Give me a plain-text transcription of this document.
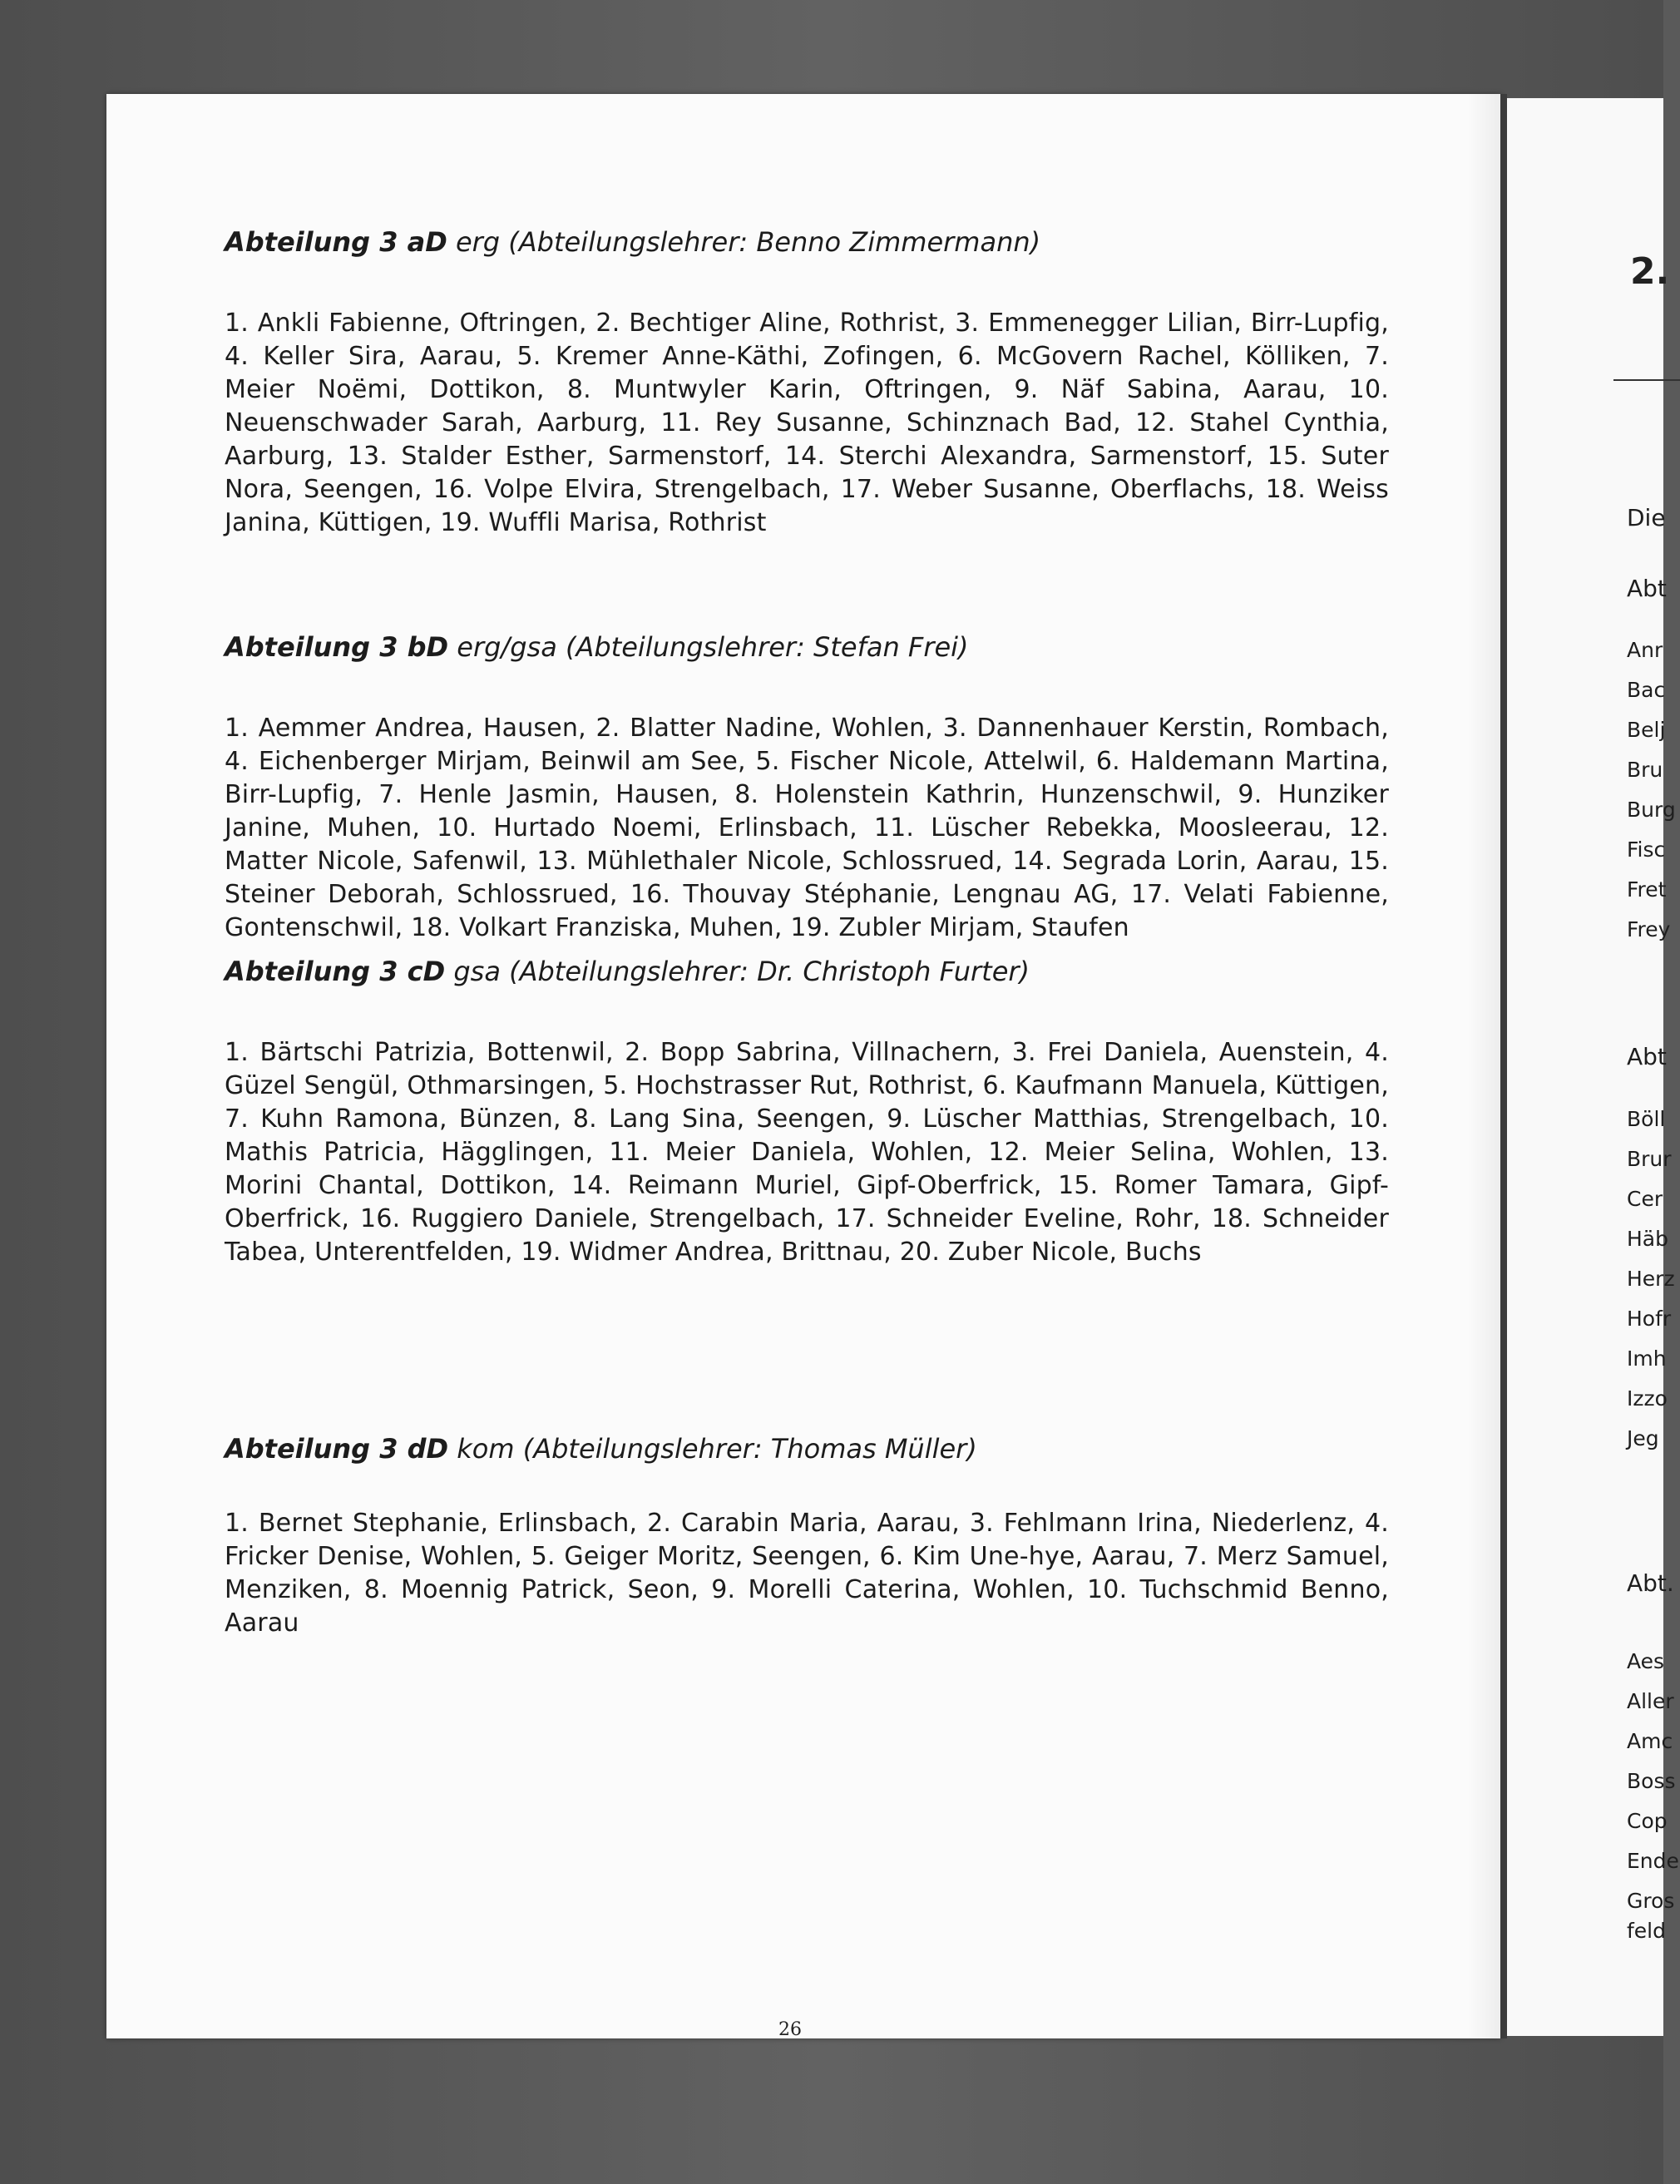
2.
Die
Abt
Anr
Bac
Belj
Bru
Burg
Fisc
Fret
Frey
Abt
Böll
Brur
Cer
Häb
Herz
Hofr
Imh
Izzo
Jeg
Abt.
Aes
Aller
Amc
Boss
Cop
Ende
Gros
feld
Abteilung 3 aD erg (Abteilungslehrer: Benno Zimmermann)
1. Ankli Fabienne, Oftringen, 2. Bechtiger Aline, Rothrist, 3. Emmenegger Lilian, Birr-Lupfig, 4. Keller Sira, Aarau, 5. Kremer Anne-Käthi, Zofingen, 6. McGovern Rachel, Kölliken, 7. Meier Noëmi, Dottikon, 8. Muntwyler Karin, Oftringen, 9. Näf Sabina, Aarau, 10. Neuenschwader Sarah, Aarburg, 11. Rey Susanne, Schinznach Bad, 12. Stahel Cynthia, Aarburg, 13. Stalder Esther, Sarmenstorf, 14. Sterchi Alexandra, Sarmenstorf, 15. Suter Nora, Seengen, 16. Volpe Elvira, Strengelbach, 17. Weber Susanne, Oberflachs, 18. Weiss Janina, Küttigen, 19. Wuffli Marisa, Rothrist
Abteilung 3 bD erg/gsa (Abteilungslehrer: Stefan Frei)
1. Aemmer Andrea, Hausen, 2. Blatter Nadine, Wohlen, 3. Dannenhauer Kerstin, Rombach, 4. Eichenberger Mirjam, Beinwil am See, 5. Fischer Nicole, Attelwil, 6. Haldemann Martina, Birr-Lupfig, 7. Henle Jasmin, Hausen, 8. Holenstein Kathrin, Hunzenschwil, 9. Hunziker Janine, Muhen, 10. Hurtado Noemi, Erlinsbach, 11. Lüscher Rebekka, Moosleerau, 12. Matter Nicole, Safenwil, 13. Mühlethaler Nicole, Schlossrued, 14. Segrada Lorin, Aarau, 15. Steiner Deborah, Schlossrued, 16. Thouvay Stéphanie, Lengnau AG, 17. Velati Fabienne, Gontenschwil, 18. Volkart Franziska, Muhen, 19. Zubler Mirjam, Staufen
Abteilung 3 cD gsa (Abteilungslehrer: Dr. Christoph Furter)
1. Bärtschi Patrizia, Bottenwil, 2. Bopp Sabrina, Villnachern, 3. Frei Daniela, Auenstein, 4. Güzel Sengül, Othmarsingen, 5. Hochstrasser Rut, Rothrist, 6. Kaufmann Manuela, Küttigen, 7. Kuhn Ramona, Bünzen, 8. Lang Sina, Seengen, 9. Lüscher Matthias, Strengelbach, 10. Mathis Patricia, Hägglingen, 11. Meier Daniela, Wohlen, 12. Meier Selina, Wohlen, 13. Morini Chantal, Dottikon, 14. Reimann Muriel, Gipf-Oberfrick, 15. Romer Tamara, Gipf-Oberfrick, 16. Ruggiero Daniele, Strengelbach, 17. Schneider Eveline, Rohr, 18. Schneider Tabea, Unterentfelden, 19. Widmer Andrea, Brittnau, 20. Zuber Nicole, Buchs
Abteilung 3 dD kom (Abteilungslehrer: Thomas Müller)
1. Bernet Stephanie, Erlinsbach, 2. Carabin Maria, Aarau, 3. Fehlmann Irina, Niederlenz, 4. Fricker Denise, Wohlen, 5. Geiger Moritz, Seengen, 6. Kim Une-hye, Aarau, 7. Merz Samuel, Menziken, 8. Moennig Patrick, Seon, 9. Morelli Caterina, Wohlen, 10. Tuchschmid Benno, Aarau
26
